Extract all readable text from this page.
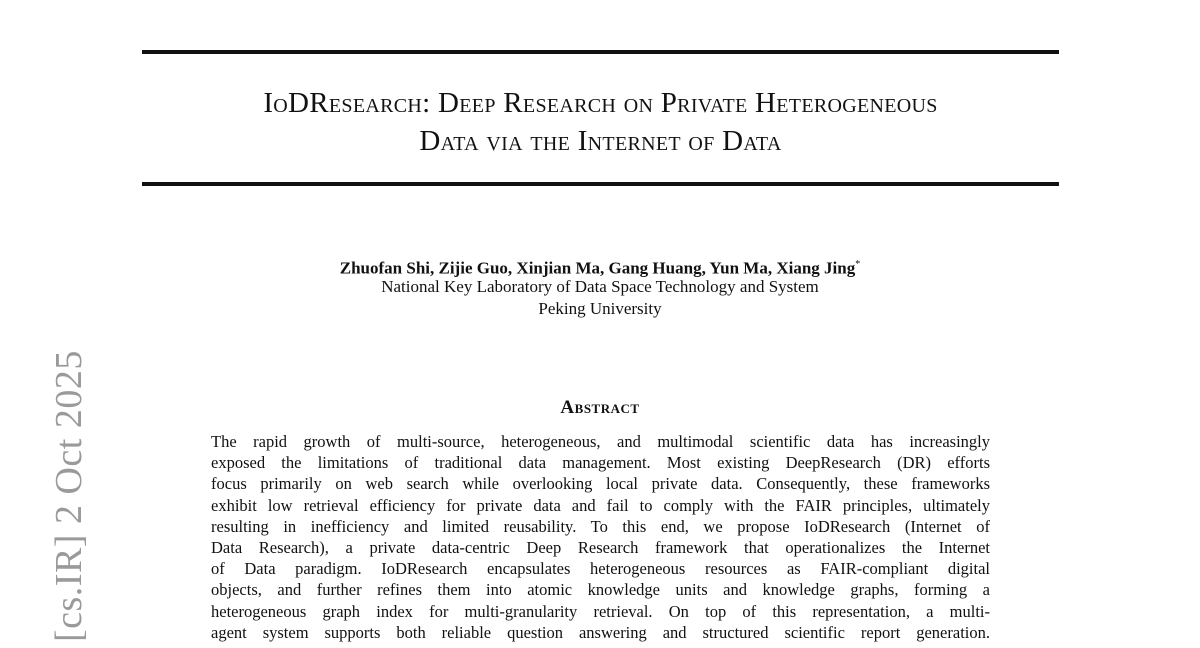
IoDResearch: Deep Research on Private Heterogeneous
Data via the Internet of Data
Zhuofan Shi, Zijie Guo, Xinjian Ma, Gang Huang, Yun Ma, Xiang Jing*
National Key Laboratory of Data Space Technology and System
Peking University
[cs.IR] 2 Oct 2025	Abstract
The rapid growth of multi-source, heterogeneous, and multimodal scientific data has increasingly
exposed the limitations of traditional data management. Most existing DeepResearch (DR) efforts
focus primarily on web search while overlooking local private data. Consequently, these frameworks
exhibit low retrieval efficiency for private data and fail to comply with the FAIR principles, ultimately
resulting in inefficiency and limited reusability. To this end, we propose IoDResearch (Internet of
Data Research), a private data-centric Deep Research framework that operationalizes the Internet
of Data paradigm. IoDResearch encapsulates heterogeneous resources as FAIR-compliant digital
objects, and further refines them into atomic knowledge units and knowledge graphs, forming a
heterogeneous graph index for multi-granularity retrieval. On top of this representation, a multi-
agent system supports both reliable question answering and structured scientific report generation.
